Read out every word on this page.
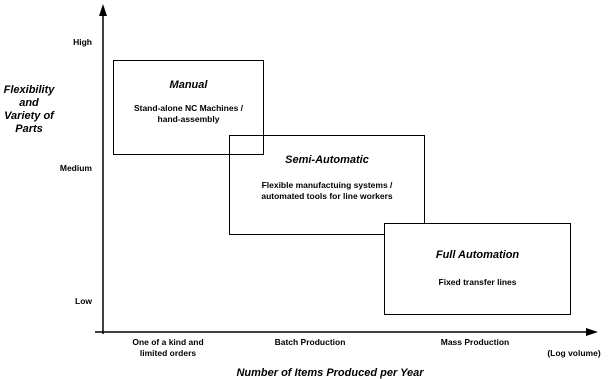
Flexibility
and
Variety of
Parts
High
Medium
Low
One of a kind and
limited orders
Batch Production	Mass Production
(Log volume)
Number of Items Produced per Year
Manual
Stand-alone NC Machines /
hand-assembly
Semi-Automatic
Flexible manufactuing systems /
automated tools for line workers
Full Automation
Fixed transfer lines
